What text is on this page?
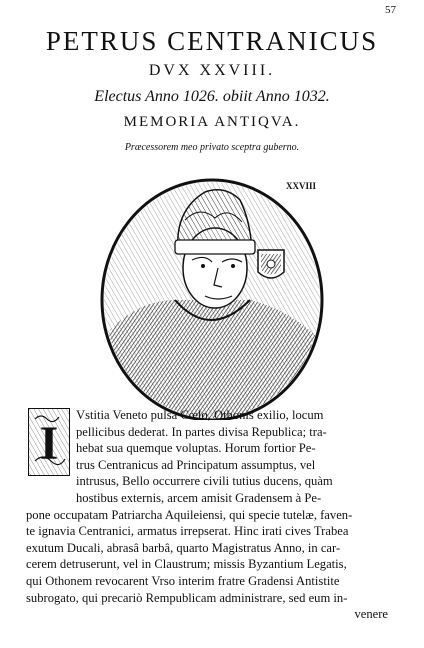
57
PETRUS CENTRANICUS
DVX XXVIII.
Electus Anno 1026. obiit Anno 1032.
MEMORIA ANTIQVA.
Præcessorem meo privato sceptra guberno.
XXVIII
I
Vstitia Veneto pulsa Cœlo, Othonis exilio, locum
pellicibus dederat. In partes divisa Republica; tra-
hebat sua quemque voluptas. Horum fortior Pe-
trus Centranicus ad Principatum assumptus, vel
intrusus, Bello occurrere civili tutius ducens, quàm
hostibus externis, arcem amisit Gradensem à Pe-
pone occupatam Patriarcha Aquileiensi, qui specie tutelæ, faven-
te ignavia Centranici, armatus irrepserat. Hinc irati cives Trabea
exutum Ducali, abrasâ barbâ, quarto Magistratus Anno, in car-
cerem detruserunt, vel in Claustrum; missis Byzantium Legatis,
qui Othonem revocarent Vrso interim fratre Gradensi Antistite
subrogato, qui precariò Rempublicam administrare, sed eum in-
venere
